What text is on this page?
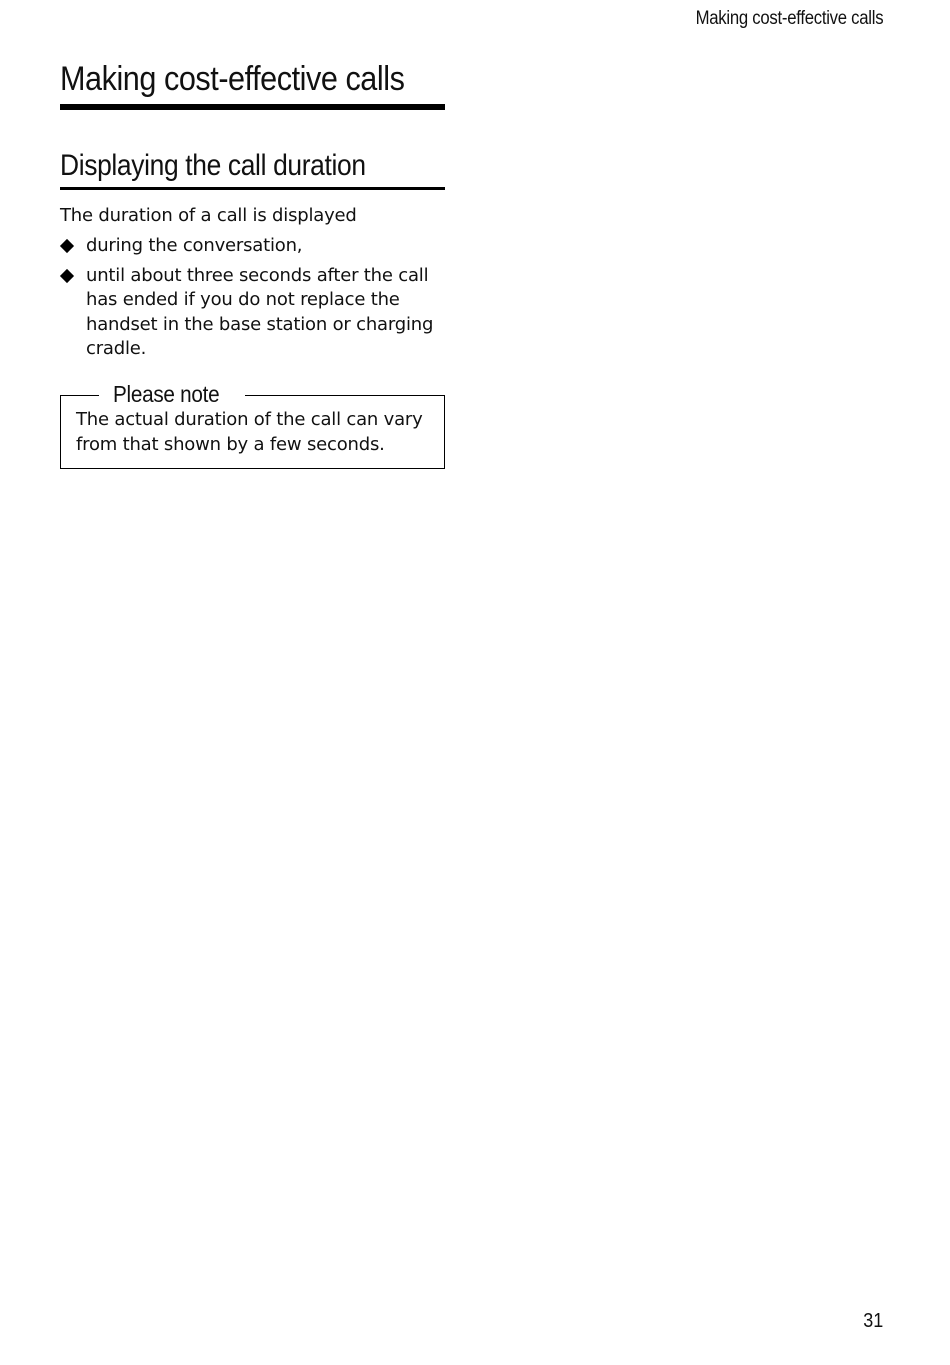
Making cost-effective calls
Making cost-effective calls
Displaying the call duration
The duration of a call is displayed
during the conversation,
until about three seconds after the call has ended if you do not replace the handset in the base station or charging cradle.
Please note
The actual duration of the call can vary from that shown by a few seconds.
31
